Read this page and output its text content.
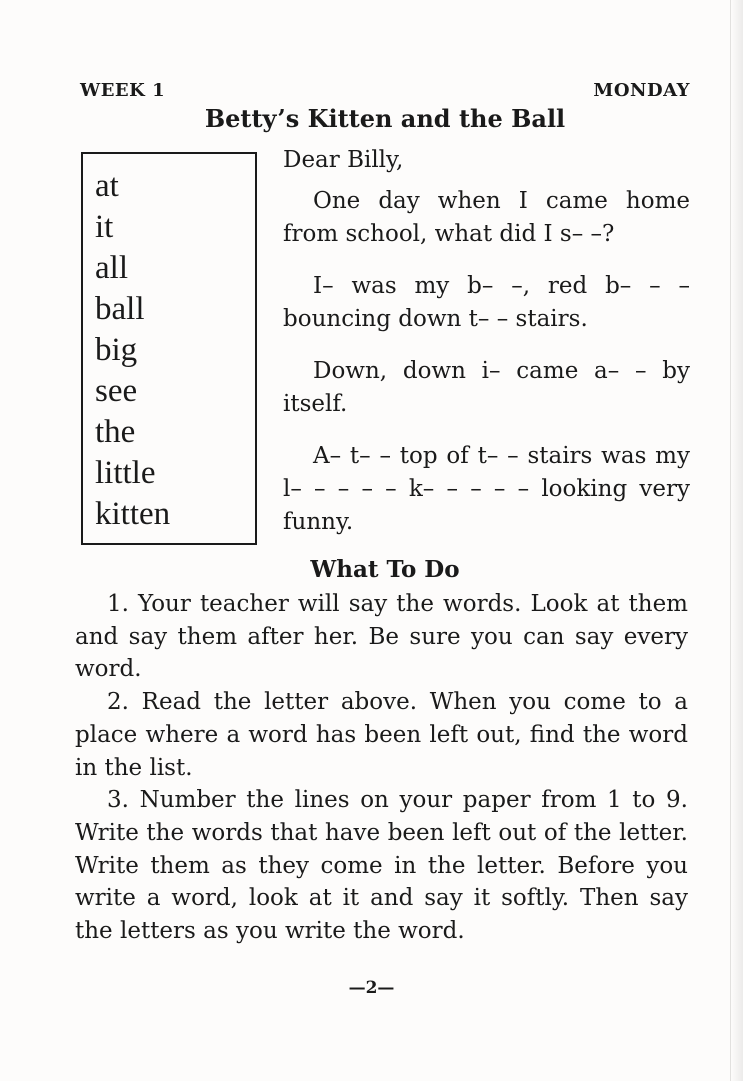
WEEK 1	MONDAY
Betty’s Kitten and the Ball
at
it
all
ball
big
see
the
little
kitten

Dear Billy,

One day when I came home from school, what did I s– –?

I– was my b– –, red b– – – bouncing down t– – stairs.

Down, down i– came a– – by itself.

A– t– – top of t– – stairs was my l– – – – – k– – – – – looking very funny.

What To Do

1. Your teacher will say the words. Look at them and say them after her. Be sure you can say every word.

2. Read the letter above. When you come to a place where a word has been left out, find the word in the list.

3. Number the lines on your paper from 1 to 9. Write the words that have been left out of the letter. Write them as they come in the letter. Before you write a word, look at it and say it softly. Then say the letters as you write the word.

—2—
